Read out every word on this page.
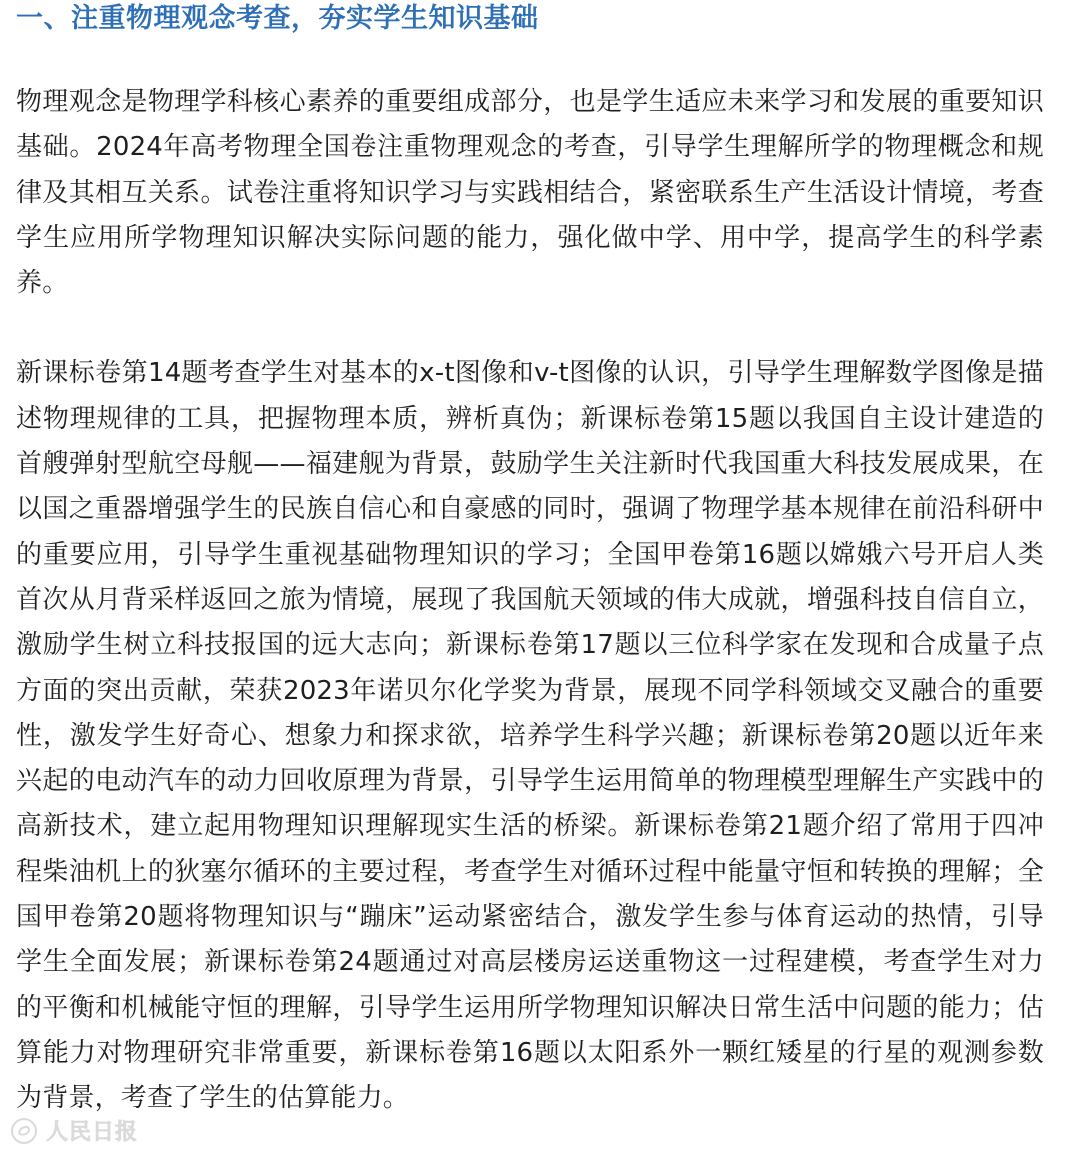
一、注重物理观念考查，夯实学生知识基础

物理观念是物理学科核心素养的重要组成部分，也是学生适应未来学习和发展的重要知识基础。2024年高考物理全国卷注重物理观念的考查，引导学生理解所学的物理概念和规律及其相互关系。试卷注重将知识学习与实践相结合，紧密联系生产生活设计情境，考查学生应用所学物理知识解决实际问题的能力，强化做中学、用中学，提高学生的科学素养。

新课标卷第14题考查学生对基本的x-t图像和v-t图像的认识，引导学生理解数学图像是描述物理规律的工具，把握物理本质，辨析真伪；新课标卷第15题以我国自主设计建造的首艘弹射型航空母舰——福建舰为背景，鼓励学生关注新时代我国重大科技发展成果，在以国之重器增强学生的民族自信心和自豪感的同时，强调了物理学基本规律在前沿科研中的重要应用，引导学生重视基础物理知识的学习；全国甲卷第16题以嫦娥六号开启人类首次从月背采样返回之旅为情境，展现了我国航天领域的伟大成就，增强科技自信自立，激励学生树立科技报国的远大志向；新课标卷第17题以三位科学家在发现和合成量子点方面的突出贡献，荣获2023年诺贝尔化学奖为背景，展现不同学科领域交叉融合的重要性，激发学生好奇心、想象力和探求欲，培养学生科学兴趣；新课标卷第20题以近年来兴起的电动汽车的动力回收原理为背景，引导学生运用简单的物理模型理解生产实践中的高新技术，建立起用物理知识理解现实生活的桥梁。新课标卷第21题介绍了常用于四冲程柴油机上的狄塞尔循环的主要过程，考查学生对循环过程中能量守恒和转换的理解；全国甲卷第20题将物理知识与“蹦床”运动紧密结合，激发学生参与体育运动的热情，引导学生全面发展；新课标卷第24题通过对高层楼房运送重物这一过程建模，考查学生对力的平衡和机械能守恒的理解，引导学生运用所学物理知识解决日常生活中问题的能力；估算能力对物理研究非常重要，新课标卷第16题以太阳系外一颗红矮星的行星的观测参数为背景，考查了学生的估算能力。

人民日报
